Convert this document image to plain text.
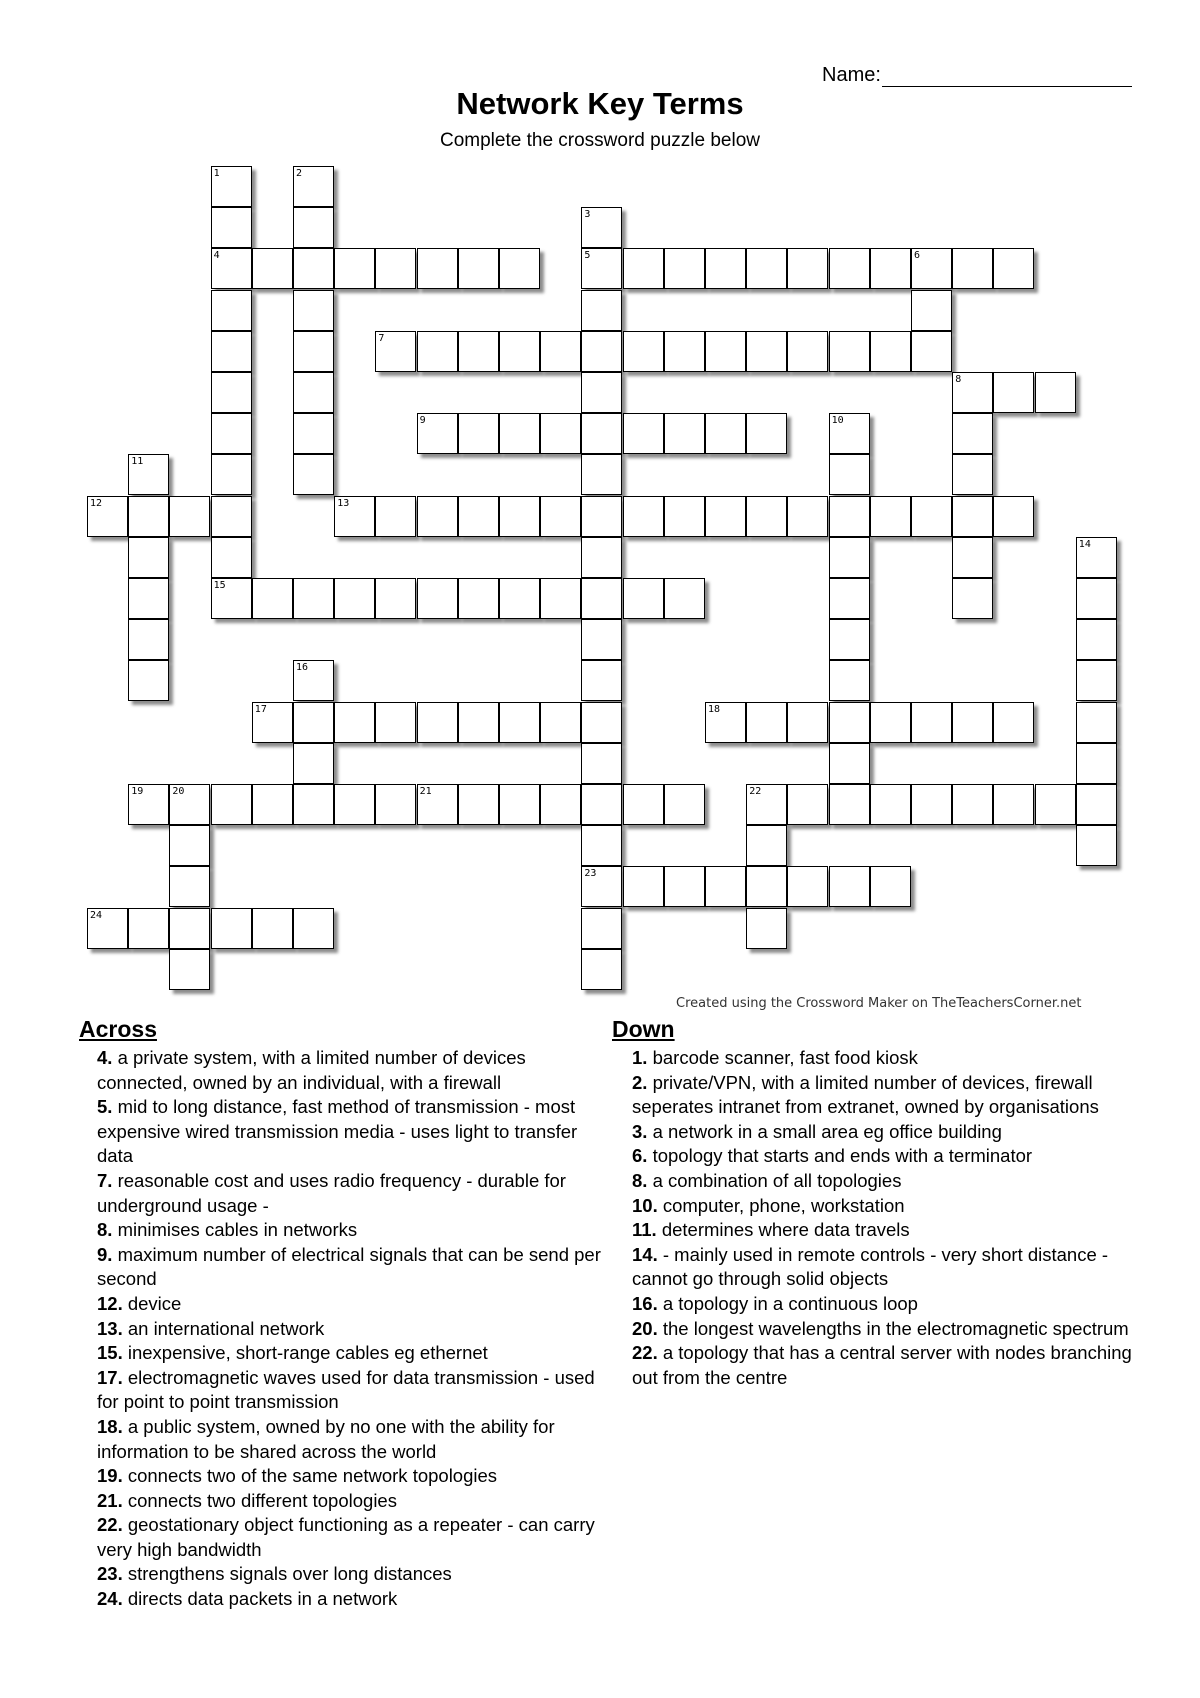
Name:
Network Key Terms
Complete the crossword puzzle below
1
4
2
3
5
23
6
7
8
9	10
11
12	13
14
15
16
17	18
19	20	21	22
24
Created using the Crossword Maker on TheTeachersCorner.net
Across
4. a private system, with a limited number of devices connected, owned by an individual, with a firewall
5. mid to long distance, fast method of transmission - most expensive wired transmission media - uses light to transfer data
7. reasonable cost and uses radio frequency - durable for underground usage -
8. minimises cables in networks
9. maximum number of electrical signals that can be send per second
12. device
13. an international network
15. inexpensive, short-range cables eg ethernet
17. electromagnetic waves used for data transmission - used for point to point transmission
18. a public system, owned by no one with the ability for information to be shared across the world
19. connects two of the same network topologies
21. connects two different topologies
22. geostationary object functioning as a repeater - can carry very high bandwidth
23. strengthens signals over long distances
24. directs data packets in a network
Down
1. barcode scanner, fast food kiosk
2. private/VPN, with a limited number of devices, firewall seperates intranet from extranet, owned by organisations
3. a network in a small area eg office building
6. topology that starts and ends with a terminator
8. a combination of all topologies
10. computer, phone, workstation
11. determines where data travels
14. - mainly used in remote controls - very short distance - cannot go through solid objects
16. a topology in a continuous loop
20. the longest wavelengths in the electromagnetic spectrum
22. a topology that has a central server with nodes branching out from the centre
